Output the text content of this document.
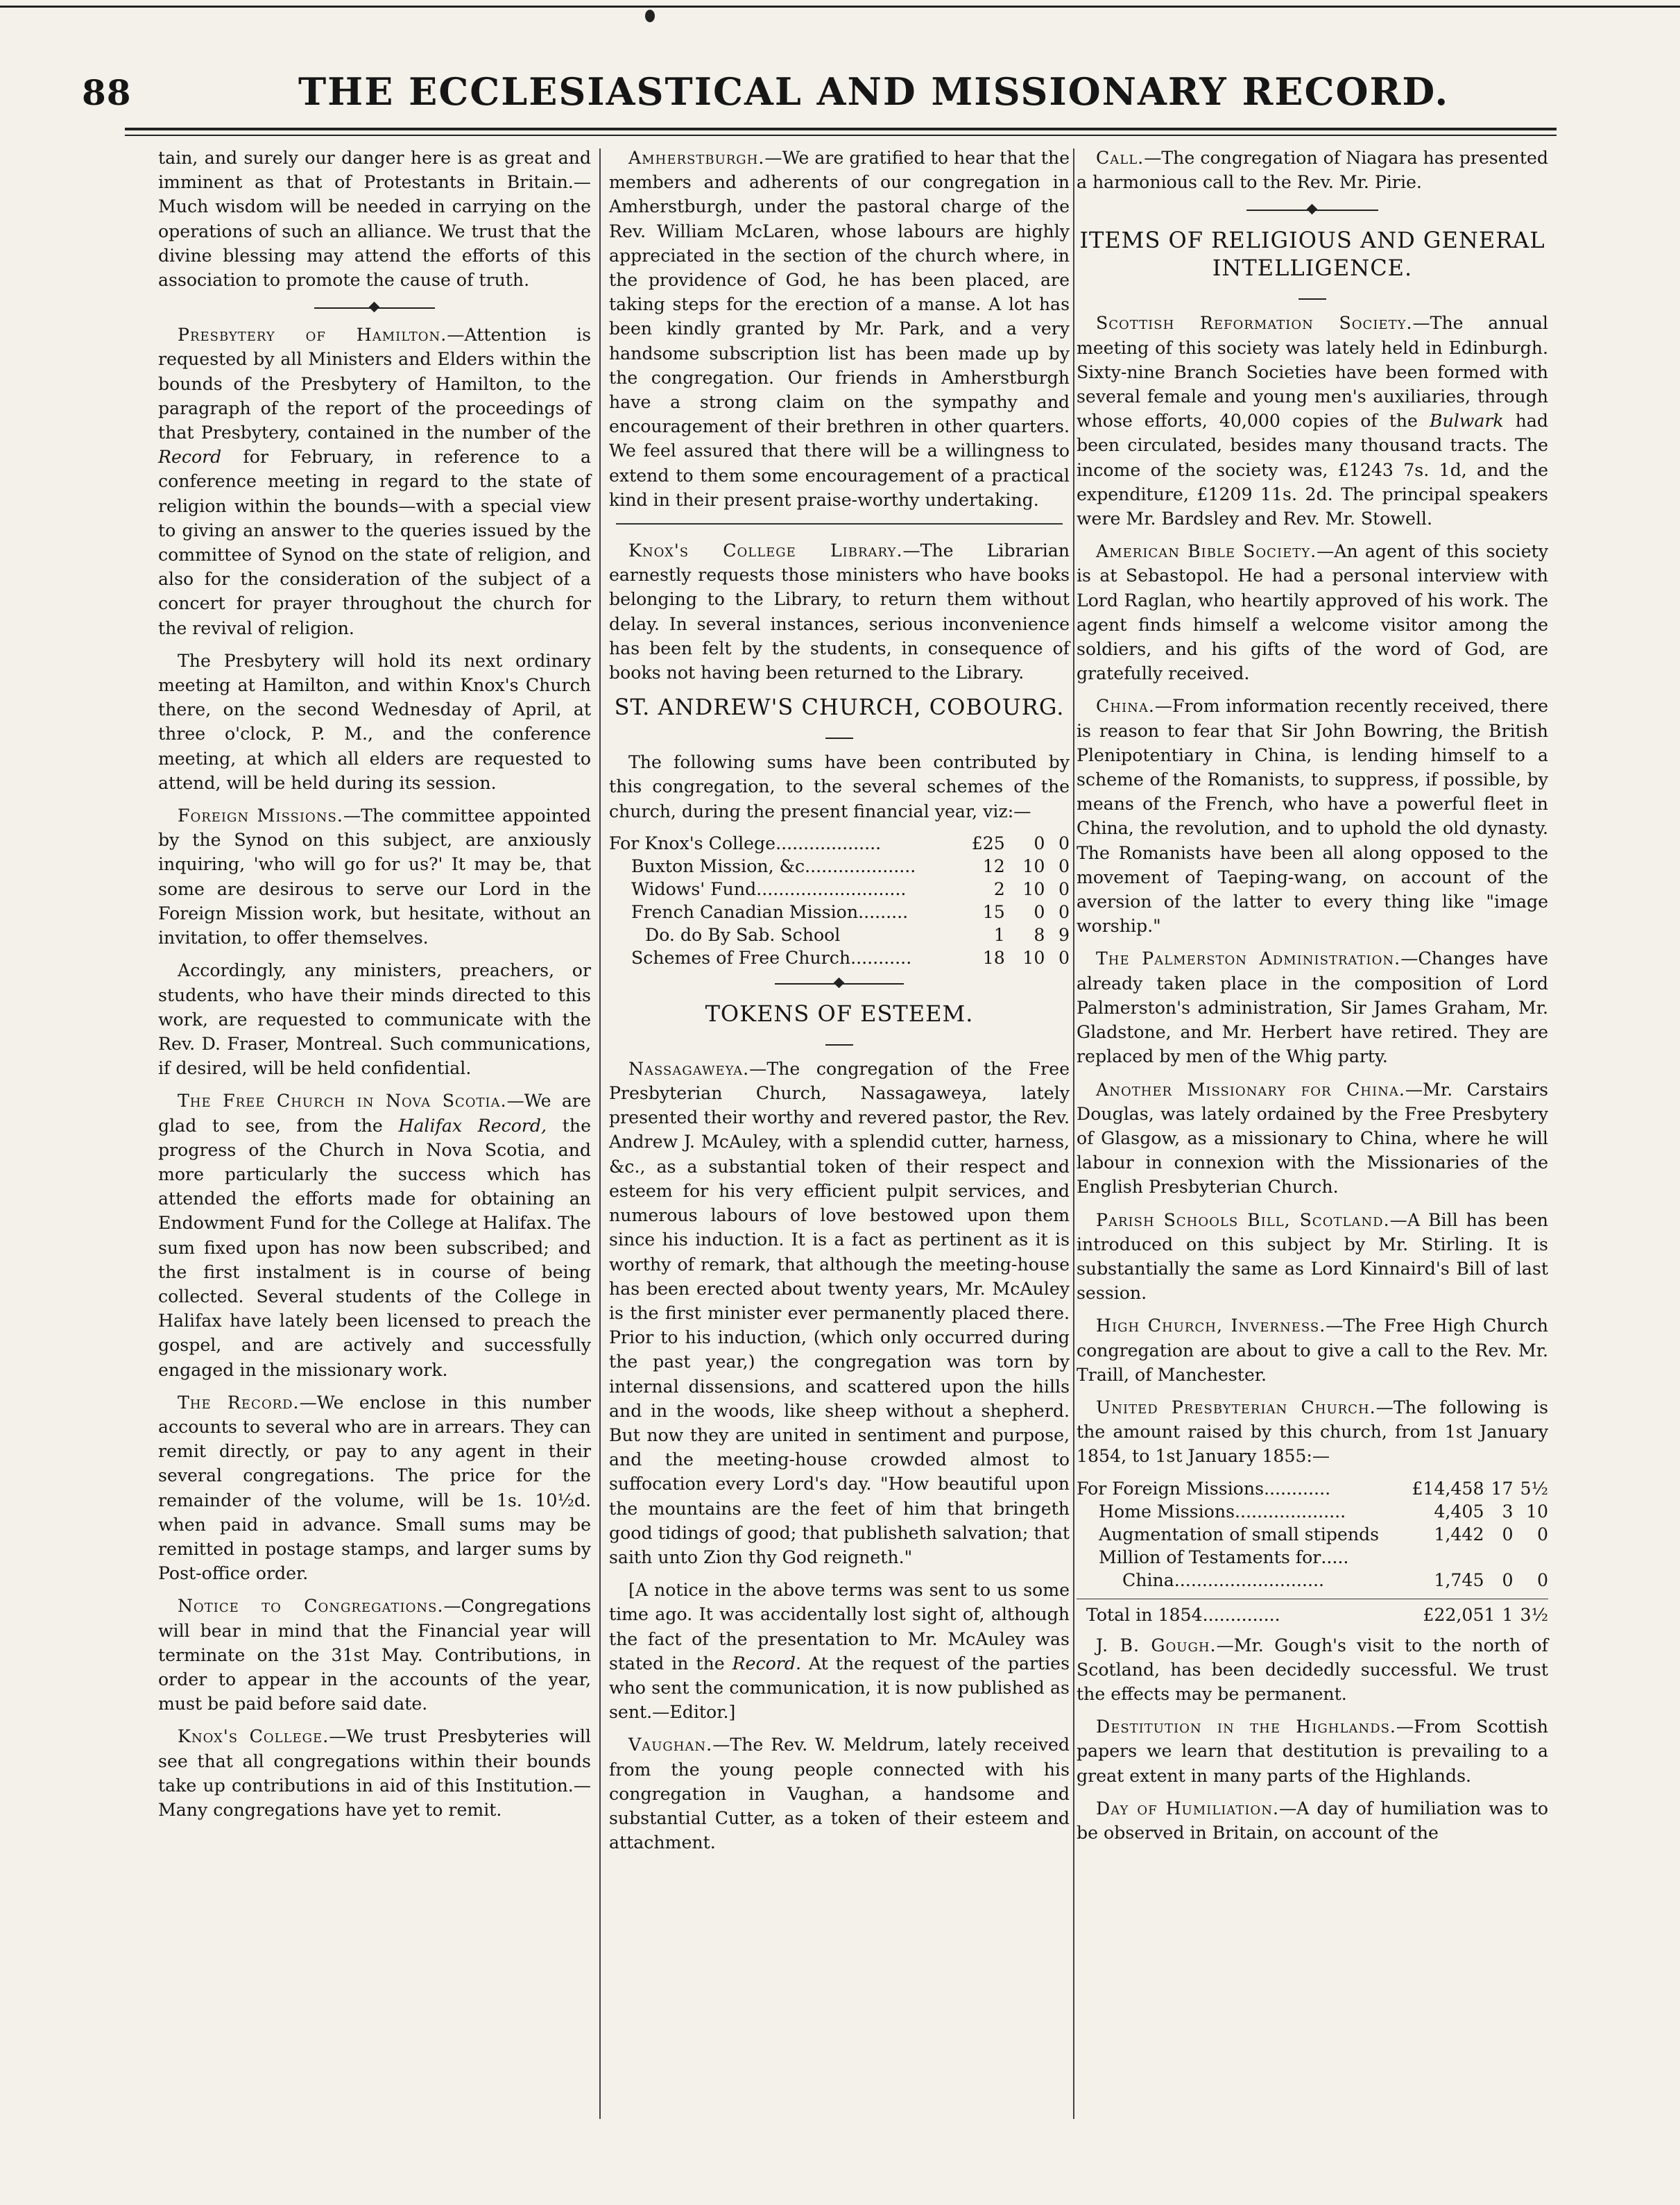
88	THE ECCLESIASTICAL AND MISSIONARY RECORD.

tain, and surely our danger here is as great and imminent as that of Protestants in Britain.—Much wisdom will be needed in carrying on the operations of such an alliance. We trust that the divine blessing may attend the efforts of this association to promote the cause of truth.

Presbytery of Hamilton.—Attention is requested by all Ministers and Elders within the bounds of the Presbytery of Hamilton, to the paragraph of the report of the proceedings of that Presbytery, contained in the number of the Record for February, in reference to a conference meeting in regard to the state of religion within the bounds—with a special view to giving an answer to the queries issued by the committee of Synod on the state of religion, and also for the consideration of the subject of a concert for prayer throughout the church for the revival of religion.

The Presbytery will hold its next ordinary meeting at Hamilton, and within Knox's Church there, on the second Wednesday of April, at three o'clock, P. M., and the conference meeting, at which all elders are requested to attend, will be held during its session.

Foreign Missions.—The committee appointed by the Synod on this subject, are anxiously inquiring, 'who will go for us?' It may be, that some are desirous to serve our Lord in the Foreign Mission work, but hesitate, without an invitation, to offer themselves.

Accordingly, any ministers, preachers, or students, who have their minds directed to this work, are requested to communicate with the Rev. D. Fraser, Montreal. Such communications, if desired, will be held confidential.

The Free Church in Nova Scotia.—We are glad to see, from the Halifax Record, the progress of the Church in Nova Scotia, and more particularly the success which has attended the efforts made for obtaining an Endowment Fund for the College at Halifax. The sum fixed upon has now been subscribed; and the first instalment is in course of being collected. Several students of the College in Halifax have lately been licensed to preach the gospel, and are actively and successfully engaged in the missionary work.

The Record.—We enclose in this number accounts to several who are in arrears. They can remit directly, or pay to any agent in their several congregations. The price for the remainder of the volume, will be 1s. 10½d. when paid in advance. Small sums may be remitted in postage stamps, and larger sums by Post-office order.

Notice to Congregations.—Congregations will bear in mind that the Financial year will terminate on the 31st May. Contributions, in order to appear in the accounts of the year, must be paid before said date.

Knox's College.—We trust Presbyteries will see that all congregations within their bounds take up contributions in aid of this Institution.—Many congregations have yet to remit.

Amherstburgh.—We are gratified to hear that the members and adherents of our congregation in Amherstburgh, under the pastoral charge of the Rev. William McLaren, whose labours are highly appreciated in the section of the church where, in the providence of God, he has been placed, are taking steps for the erection of a manse. A lot has been kindly granted by Mr. Park, and a very handsome subscription list has been made up by the congregation. Our friends in Amherstburgh have a strong claim on the sympathy and encouragement of their brethren in other quarters. We feel assured that there will be a willingness to extend to them some encouragement of a practical kind in their present praise-worthy undertaking.

Knox's College Library.—The Librarian earnestly requests those ministers who have books belonging to the Library, to return them without delay. In several instances, serious inconvenience has been felt by the students, in consequence of books not having been returned to the Library.

ST. ANDREW'S CHURCH, COBOURG.

The following sums have been contributed by this congregation, to the several schemes of the church, during the present financial year, viz:—

For Knox's College...................	£25	0	0
Buxton Mission, &c....................	12	10	0
Widows' Fund...........................	2	10	0
French Canadian Mission.........	15	0	0
Do. do By Sab. School	1	8	9
Schemes of Free Church...........	18	10	0
TOKENS OF ESTEEM.

Nassagaweya.—The congregation of the Free Presbyterian Church, Nassagaweya, lately presented their worthy and revered pastor, the Rev. Andrew J. McAuley, with a splendid cutter, harness, &c., as a substantial token of their respect and esteem for his very efficient pulpit services, and numerous labours of love bestowed upon them since his induction. It is a fact as pertinent as it is worthy of remark, that although the meeting-house has been erected about twenty years, Mr. McAuley is the first minister ever permanently placed there. Prior to his induction, (which only occurred during the past year,) the congregation was torn by internal dissensions, and scattered upon the hills and in the woods, like sheep without a shepherd. But now they are united in sentiment and purpose, and the meeting-house crowded almost to suffocation every Lord's day. "How beautiful upon the mountains are the feet of him that bringeth good tidings of good; that publisheth salvation; that saith unto Zion thy God reigneth."

[A notice in the above terms was sent to us some time ago. It was accidentally lost sight of, although the fact of the presentation to Mr. McAuley was stated in the Record. At the request of the parties who sent the communication, it is now published as sent.—Editor.]

Vaughan.—The Rev. W. Meldrum, lately received from the young people connected with his congregation in Vaughan, a handsome and substantial Cutter, as a token of their esteem and attachment.

Call.—The congregation of Niagara has presented a harmonious call to the Rev. Mr. Pirie.

ITEMS OF RELIGIOUS AND GENERAL INTELLIGENCE.

Scottish Reformation Society.—The annual meeting of this society was lately held in Edinburgh. Sixty-nine Branch Societies have been formed with several female and young men's auxiliaries, through whose efforts, 40,000 copies of the Bulwark had been circulated, besides many thousand tracts. The income of the society was, £1243 7s. 1d, and the expenditure, £1209 11s. 2d. The principal speakers were Mr. Bardsley and Rev. Mr. Stowell.

American Bible Society.—An agent of this society is at Sebastopol. He had a personal interview with Lord Raglan, who heartily approved of his work. The agent finds himself a welcome visitor among the soldiers, and his gifts of the word of God, are gratefully received.

China.—From information recently received, there is reason to fear that Sir John Bowring, the British Plenipotentiary in China, is lending himself to a scheme of the Romanists, to suppress, if possible, by means of the French, who have a powerful fleet in China, the revolution, and to uphold the old dynasty. The Romanists have been all along opposed to the movement of Taeping-wang, on account of the aversion of the latter to every thing like "image worship."

The Palmerston Administration.—Changes have already taken place in the composition of Lord Palmerston's administration, Sir James Graham, Mr. Gladstone, and Mr. Herbert have retired. They are replaced by men of the Whig party.

Another Missionary for China.—Mr. Carstairs Douglas, was lately ordained by the Free Presbytery of Glasgow, as a missionary to China, where he will labour in connexion with the Missionaries of the English Presbyterian Church.

Parish Schools Bill, Scotland.—A Bill has been introduced on this subject by Mr. Stirling. It is substantially the same as Lord Kinnaird's Bill of last session.

High Church, Inverness.—The Free High Church congregation are about to give a call to the Rev. Mr. Traill, of Manchester.

United Presbyterian Church.—The following is the amount raised by this church, from 1st January 1854, to 1st January 1855:—

For Foreign Missions............	£14,458	17	5½
Home Missions....................	4,405	3	10
Augmentation of small stipends	1,442	0	0
Million of Testaments for.....			
China...........................	1,745	0	0
Total in 1854..............	£22,051	1	3½

J. B. Gough.—Mr. Gough's visit to the north of Scotland, has been decidedly successful. We trust the effects may be permanent.

Destitution in the Highlands.—From Scottish papers we learn that destitution is prevailing to a great extent in many parts of the Highlands.

Day of Humiliation.—A day of humiliation was to be observed in Britain, on account of the
